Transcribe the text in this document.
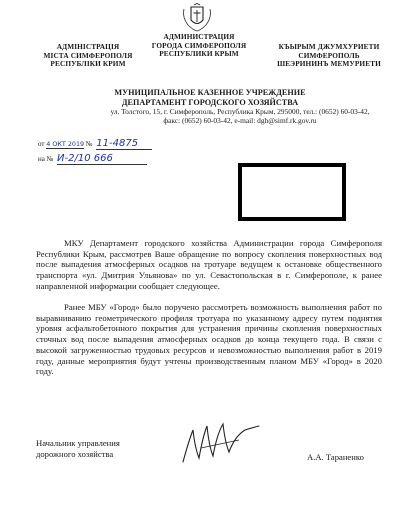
АДМІНІСТРАЦІЯ
МІСТА СИМФЕРОПОЛЯ
РЕСПУБЛІКИ КРИМ
АДМИНИСТРАЦИЯ
ГОРОДА СИМФЕРОПОЛЯ
РЕСПУБЛИКИ КРЫМ
КЪЫРЫМ ДЖУМХУРИЕТИ
СИМФЕРОПОЛЬ
ШЕЭРИНИНЪ МЕМУРИЕТИ
МУНИЦИПАЛЬНОЕ КАЗЕННОЕ УЧРЕЖДЕНИЕ
ДЕПАРТАМЕНТ ГОРОДСКОГО ХОЗЯЙСТВА
ул. Толстого, 15, г. Симферополь, Республика Крым, 295000, тел.: (0652) 60-03-42,
факс: (0652) 60-03-42, e-mail: dgh@simf.rk.gov.ru
от 4 ОКТ 2019 № 11-4875
на № И-2/10 666
МКУ Департамент городского хозяйства Администрации города Симферополя Республики Крым, рассмотрев Ваше обращение по вопросу скопления поверхностных вод после выпадения атмосферных осадков на тротуаре ведущем к остановке общественного транспорта «ул. Дмитрия Ульянова» по ул. Севастопольская в г. Симферополе, к ранее направленной информации сообщает следующее.
Ранее МБУ «Город» было поручено рассмотреть возможность выполнения работ по выравниванию геометрического профиля тротуара по указанному адресу путем поднятия уровня асфальтобетонного покрытия для устранения причины скопления поверхностных сточных вод после выпадения атмосферных осадков до конца текущего года. В связи с высокой загруженностью трудовых ресурсов и невозможностью выполнения работ в 2019 году, данные мероприятия будут учтены производственным планом МБУ «Город» в 2020 году.
Начальник управления
дорожного хозяйства	А.А. Тараненко
